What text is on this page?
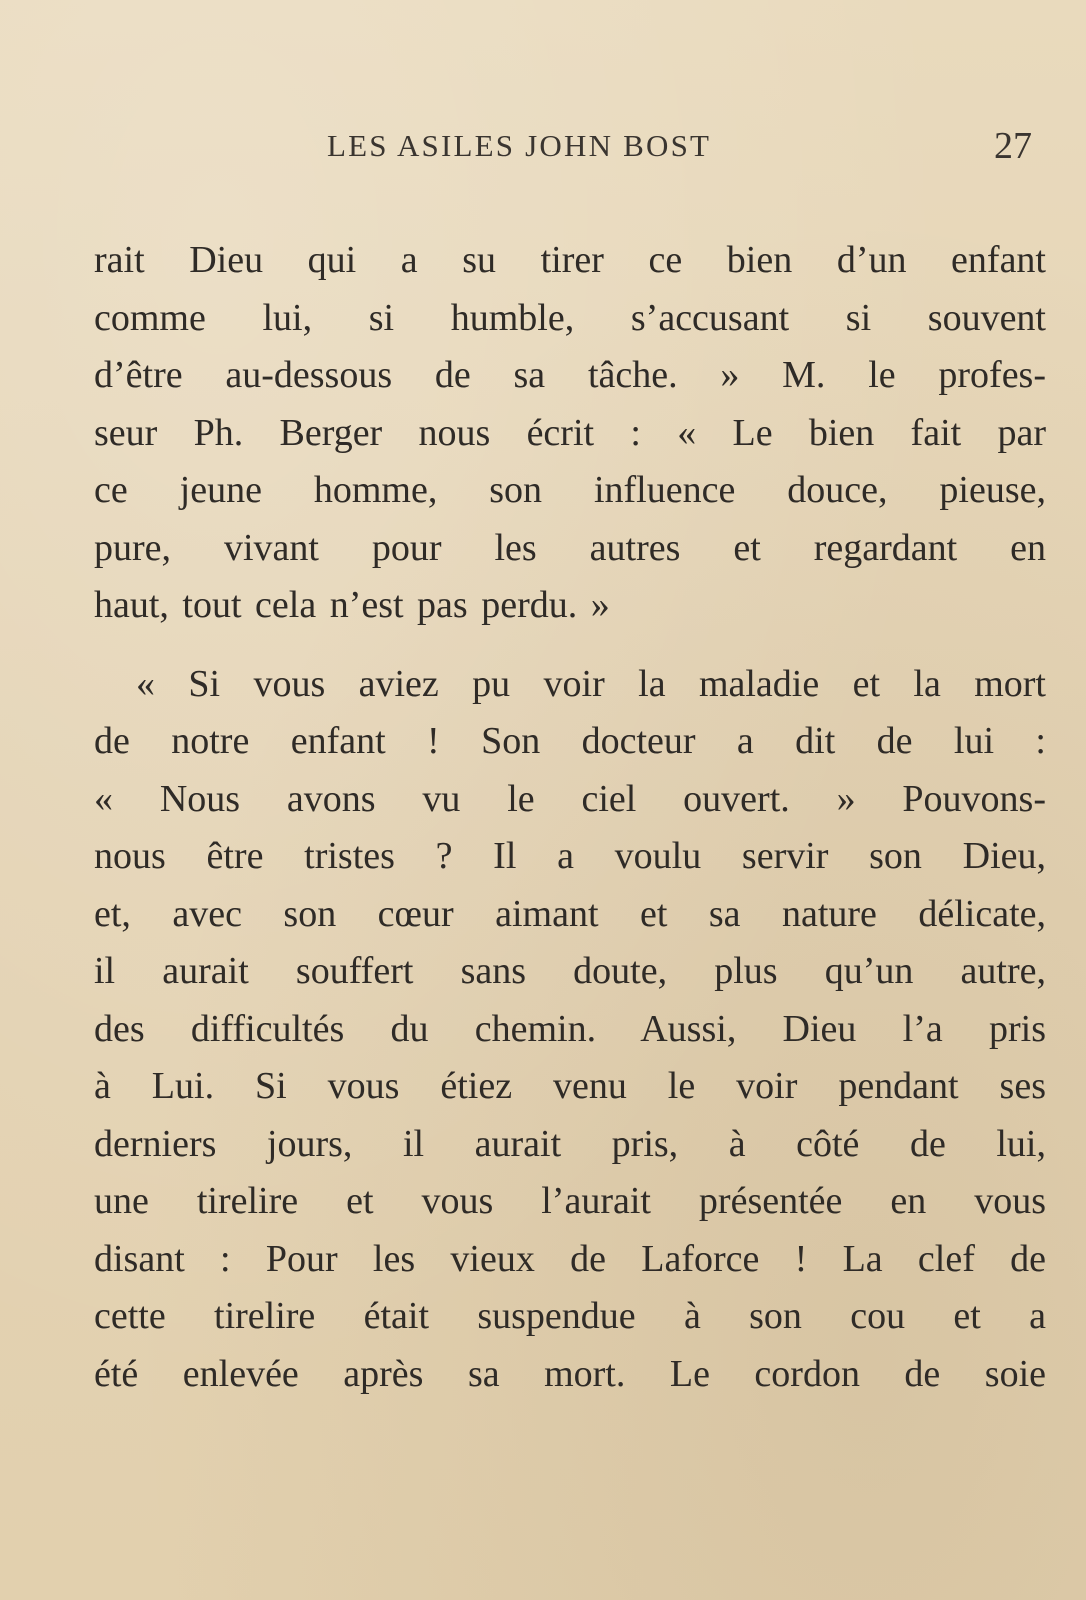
LES ASILES JOHN BOST	27
rait Dieu qui a su tirer ce bien d’un enfant
comme lui, si humble, s’accusant si souvent
d’être au-dessous de sa tâche. » M. le profes-
seur Ph. Berger nous écrit : « Le bien fait par
ce jeune homme, son influence douce, pieuse,
pure, vivant pour les autres et regardant en
haut, tout cela n’est pas perdu. »
« Si vous aviez pu voir la maladie et la mort
de notre enfant ! Son docteur a dit de lui :
« Nous avons vu le ciel ouvert. » Pouvons-
nous être tristes ? Il a voulu servir son Dieu,
et, avec son cœur aimant et sa nature délicate,
il aurait souffert sans doute, plus qu’un autre,
des difficultés du chemin. Aussi, Dieu l’a pris
à Lui. Si vous étiez venu le voir pendant ses
derniers jours, il aurait pris, à côté de lui,
une tirelire et vous l’aurait présentée en vous
disant : Pour les vieux de Laforce ! La clef de
cette tirelire était suspendue à son cou et a
été enlevée après sa mort. Le cordon de soie
